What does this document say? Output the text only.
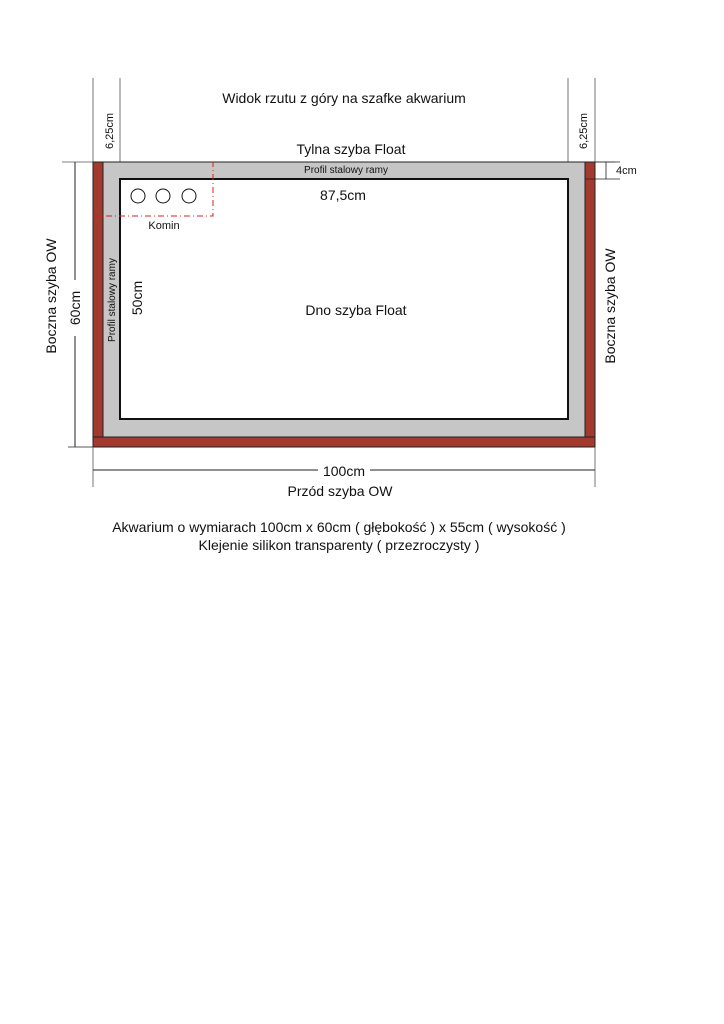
Widok rzutu z góry na szafke akwarium
6,25cm	6,25cm
Tylna szyba Float
Profil stalowy ramy
Profil stalowy ramy
4cm
Komin
87,5cm
Dno szyba Float
50cm
60cm
Boczna szyba OW	Boczna szyba OW
100cm
Przód szyba OW
Akwarium o wymiarach 100cm x 60cm ( głębokość ) x 55cm ( wysokość )
Klejenie silikon transparenty ( przezroczysty )
